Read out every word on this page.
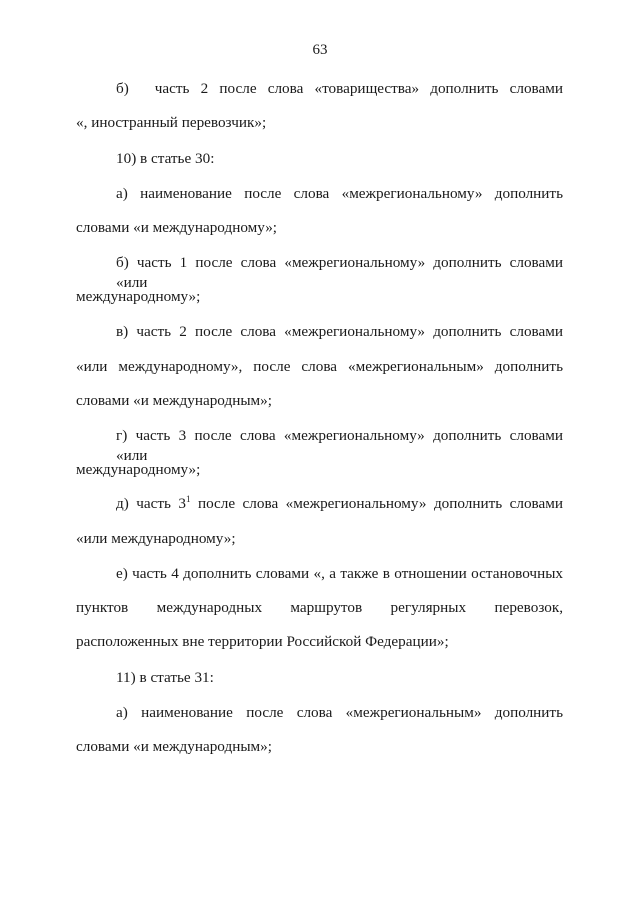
63
б) часть 2 после слова «товарищества» дополнить словами
«, иностранный перевозчик»;
10) в статье 30:
а) наименование после слова «межрегиональному» дополнить
словами «и международному»;
б) часть 1 после слова «межрегиональному» дополнить словами «или
международному»;
в) часть 2 после слова «межрегиональному» дополнить словами
«или международному», после слова «межрегиональным» дополнить
словами «и международным»;
г) часть 3 после слова «межрегиональному» дополнить словами «или
международному»;
д) часть $3^1$ после слова «межрегиональному» дополнить словами
«или международному»;
е) часть 4 дополнить словами «, а также в отношении остановочных
пунктов международных маршрутов регулярных перевозок,
расположенных вне территории Российской Федерации»;
11) в статье 31:
а) наименование после слова «межрегиональным» дополнить
словами «и международным»;
